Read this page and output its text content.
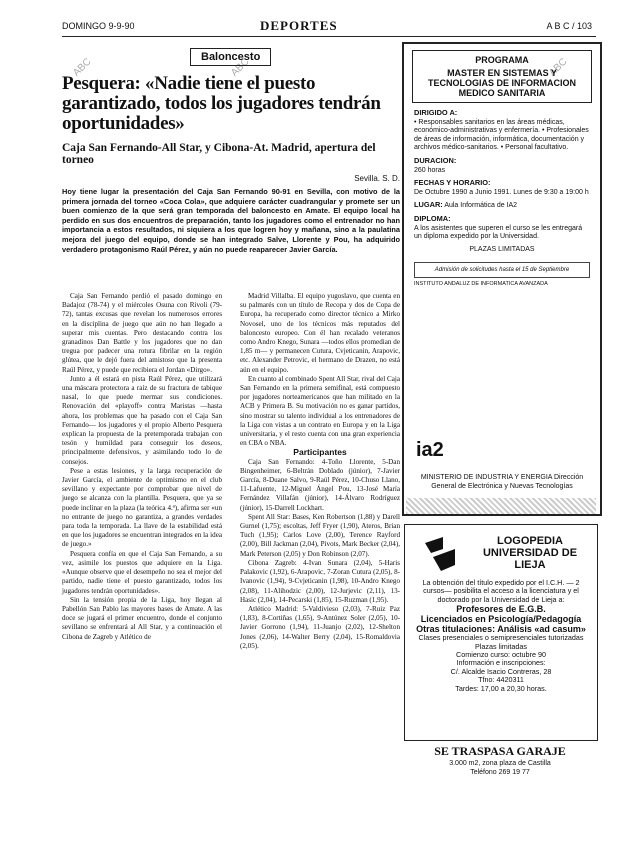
DOMINGO 9-9-90	DEPORTES	A B C / 103
ABC	ABC	ABC
Baloncesto
Pesquera: «Nadie tiene el puesto garantizado, todos los jugadores tendrán oportunidades»
Caja San Fernando-All Star, y Cibona-At. Madrid, apertura del torneo
Sevilla. S. D.
Hoy tiene lugar la presentación del Caja San Fernando 90-91 en Sevilla, con motivo de la primera jornada del torneo «Coca Cola», que adquiere carácter cuadrangular y promete ser un buen comienzo de la que será gran temporada del baloncesto en Amate. El equipo local ha perdido en sus dos encuentros de preparación, tanto los jugadores como el entrenador no han importancia a estos resultados, ni siquiera a los que logren hoy y mañana, sino a la paulatina mejora del juego del equipo, donde se han integrado Salve, Llorente y Pou, ha adquirido verdadero protagonismo Raúl Pérez, y aún no puede reaparecer Javier García.

Caja San Fernando perdió el pasado domingo en Badajoz (78-74) y el miércoles Osuna con Rivoli (79-72), tantas excusas que revelan los numerosos errores en la disciplina de juego que aún no han llegado a superar mis cuentas. Pero destacando contra los granadinos Dan Battle y los jugadores que no dan tregua por padecer una rotura fibrilar en la región glútea, que le dejó fuera del amistoso que la presenta Raúl Pérez, y puede que recibiera el Jordan «Dirgo».

Junto a él estará en pista Raúl Pérez, que utilizará una máscara protectora a raíz de su fractura de tabique nasal, lo que puede mermar sus condiciones. Renovación del «playoff» contra Maristas —hasta ahora, los problemas que ha pasado con el Caja San Fernando— los jugadores y el propio Alberto Pesquera explican la propuesta de la pretemporada trabajan con tesón y humildad para conseguir los deseos, principalmente defensivos, y asimilando todo lo de consejos.

Pese a estas lesiones, y la larga recuperación de Javier García, el ambiente de optimismo en el club sevillano y expectante por comprobar que nivel de juego se alcanza con la plantilla. Pesquera, que ya se puede inclinar en la plaza (la teórica 4.ª), afirma ser «un no entrante de juego no garantiza, a grandes verdades para toda la temporada. La llave de la estabilidad está en que los jugadores se encuentran integrados en la idea de juego.»

Pesquera confía en que el Caja San Fernando, a su vez, asimile los puestos que adquiere en la Liga. «Aunque observe que el desempeño no sea el mejor del partido, nadie tiene el puesto garantizado, todos los jugadores tendrán oportunidades».

Sin la tensión propia de la Liga, hoy llegan al Pabellón San Pablo las mayores bases de Amate. A las doce se jugará el primer encuentro, donde el conjunto sevillano se enfrentará al All Star, y a continuación el Cibona de Zagreb y Atlético de

Madrid Villalba. El equipo yugoslavo, que cuenta en su palmarés con un título de Recopa y dos de Copa de Europa, ha recuperado como director técnico a Mirko Novosel, uno de los técnicos más reputados del baloncesto europeo. Con él han recalado veteranos como Andro Knego, Sunara —todos ellos promedian de 1,85 m— y permanecen Cutura, Cvjeticanin, Arapovic, etc. Alexander Petrovic, el hermano de Drazen, no está aún en el equipo.

En cuanto al combinado Spent All Star, rival del Caja San Fernando en la primera semifinal, está compuesto por jugadores norteamericanos que han militado en la ACB y Primera B. Su motivación no es ganar partidos, sino mostrar su talento individual a los entrenadores de la Liga con vistas a un contrato en Europa y en la Liga universitaria, y el resto cuenta con una gran experiencia en CBA o NBA.

Participantes

Caja San Fernando: 4-Toño Llorente, 5-Dan Bingenheimer, 6-Beltrán Doblado (júnior), 7-Javier García, 8-Duane Salvo, 9-Raúl Pérez, 10-Chuso Llano, 11-Lafuente, 12-Miguel Ángel Pou, 13-José María Fernández Villafán (júnior), 14-Álvaro Rodríguez (júnior), 15-Darrell Lockhart.

Spent All Star: Bases, Ken Robertson (1,88) y Darell Gurnel (1,75); escoltas, Jeff Fryer (1,90), Ateros, Brian Tuch (1,95); Carlos Love (2,00), Terence Rayford (2,00), Bill Jackman (2,04), Pivots, Mark Becker (2,04), Mark Peterson (2,05) y Don Robinson (2,07).

Cibona Zagreb: 4-Ivan Sunara (2,04), 5-Haris Palakovic (1,92), 6-Arapovic, 7-Zoran Cutura (2,05), 8-Ivanovic (1,94), 9-Cvjeticanin (1,98), 10-Andro Knego (2,08), 11-Alihodzic (2,00), 12-Jurjevic (2,11), 13-Hasic (2,04), 14-Pecarski (1,85), 15-Ruzman (1,95).

Atlético Madrid: 5-Valdivieso (2,03), 7-Ruiz Paz (1,83), 8-Cortiñas (1,65), 9-Antúnez Soler (2,05), 10-Javier Gorrono (1,94), 11-Juanjo (2,02), 12-Shelton Jones (2,06), 14-Walter Berry (2,04), 15-Romaldovia (2,05).

PROGRAMA
MASTER EN SISTEMAS Y TECNOLOGIAS DE INFORMACION MEDICO SANITARIA
DIRIGIDO A:
• Responsables sanitarios en las áreas médicas, económico-administrativas y enfermería. • Profesionales de áreas de información, informática, documentación y archivos médico-sanitarios. • Personal facultativo.
DURACION:
260 horas
FECHAS Y HORARIO:
De Octubre 1990 a Junio 1991. Lunes de 9:30 a 19:00 h
LUGAR: Aula Informática de IA2
DIPLOMA:
A los asistentes que superen el curso se les entregará un diploma expedido por la Universidad.
PLAZAS LIMITADAS
Admisión de solicitudes hasta el 15 de Septiembre
INSTITUTO ANDALUZ DE INFORMATICA AVANZADA
ia2
MINISTERIO DE INDUSTRIA Y ENERGIA Dirección General de Electrónica y Nuevas Tecnologías
LOGOPEDIA UNIVERSIDAD DE LIEJA
La obtención del título expedido por el I.C.H. — 2 cursos— posibilita el acceso a la licenciatura y el doctorado por la Universidad de Lieja a:
Profesores de E.G.B.
Licenciados en Psicología/Pedagogía
Otras titulaciones: Análisis «ad casum»
Clases presenciales o semipresenciales tutorizadas
Plazas limitadas
Comienzo curso: octubre 90
Información e inscripciones:
C/. Alcalde Isacio Contreras, 28
Tfno: 4420311
Tardes: 17,00 a 20,30 horas.
SE TRASPASA GARAJE
3.000 m2, zona plaza de Castilla
Teléfono 269 19 77
